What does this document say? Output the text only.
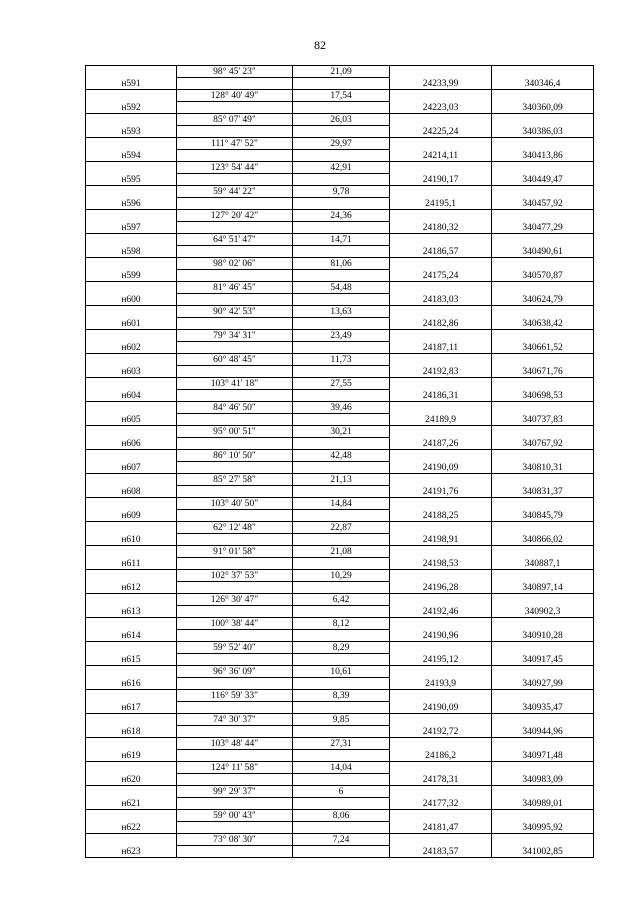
82
	98° 45' 23"	21,09		
н591			24233,99	340346,4
	128° 40' 49"	17,54		
н592			24223,03	340360,09
	85° 07' 49"	26,03		
н593			24225,24	340386,03
	111° 47' 52"	29,97		
н594			24214,11	340413,86
	123° 54' 44"	42,91		
н595			24190,17	340449,47
	59° 44' 22"	9,78		
н596			24195,1	340457,92
	127° 20' 42"	24,36		
н597			24180,32	340477,29
	64° 51' 47"	14,71		
н598			24186,57	340490,61
	98° 02' 06"	81,06		
н599			24175,24	340570,87
	81° 46' 45"	54,48		
н600			24183,03	340624,79
	90° 42' 53"	13,63		
н601			24182,86	340638,42
	79° 34' 31"	23,49		
н602			24187,11	340661,52
	60° 48' 45"	11,73		
н603			24192,83	340671,76
	103° 41' 18"	27,55		
н604			24186,31	340698,53
	84° 46' 50"	39,46		
н605			24189,9	340737,83
	95° 00' 51"	30,21		
н606			24187,26	340767,92
	86° 10' 50"	42,48		
н607			24190,09	340810,31
	85° 27' 58"	21,13		
н608			24191,76	340831,37
	103° 40' 50"	14,84		
н609			24188,25	340845,79
	62° 12' 48"	22,87		
н610			24198,91	340866,02
	91° 01' 58"	21,08		
н611			24198,53	340887,1
	102° 37' 53"	10,29		
н612			24196,28	340897,14
	126° 30' 47"	6,42		
н613			24192,46	340902,3
	100° 38' 44"	8,12		
н614			24190,96	340910,28
	59° 52' 40"	8,29		
н615			24195,12	340917,45
	96° 36' 09"	10,61		
н616			24193,9	340927,99
	116° 59' 33"	8,39		
н617			24190,09	340935,47
	74° 30' 37"	9,85		
н618			24192,72	340944,96
	103° 48' 44"	27,31		
н619			24186,2	340971,48
	124° 11' 58"	14,04		
н620			24178,31	340983,09
	99° 29' 37"	6		
н621			24177,32	340989,01
	59° 00' 43"	8,06		
н622			24181,47	340995,92
	73° 08' 30"	7,24		
н623			24183,57	341002,85
